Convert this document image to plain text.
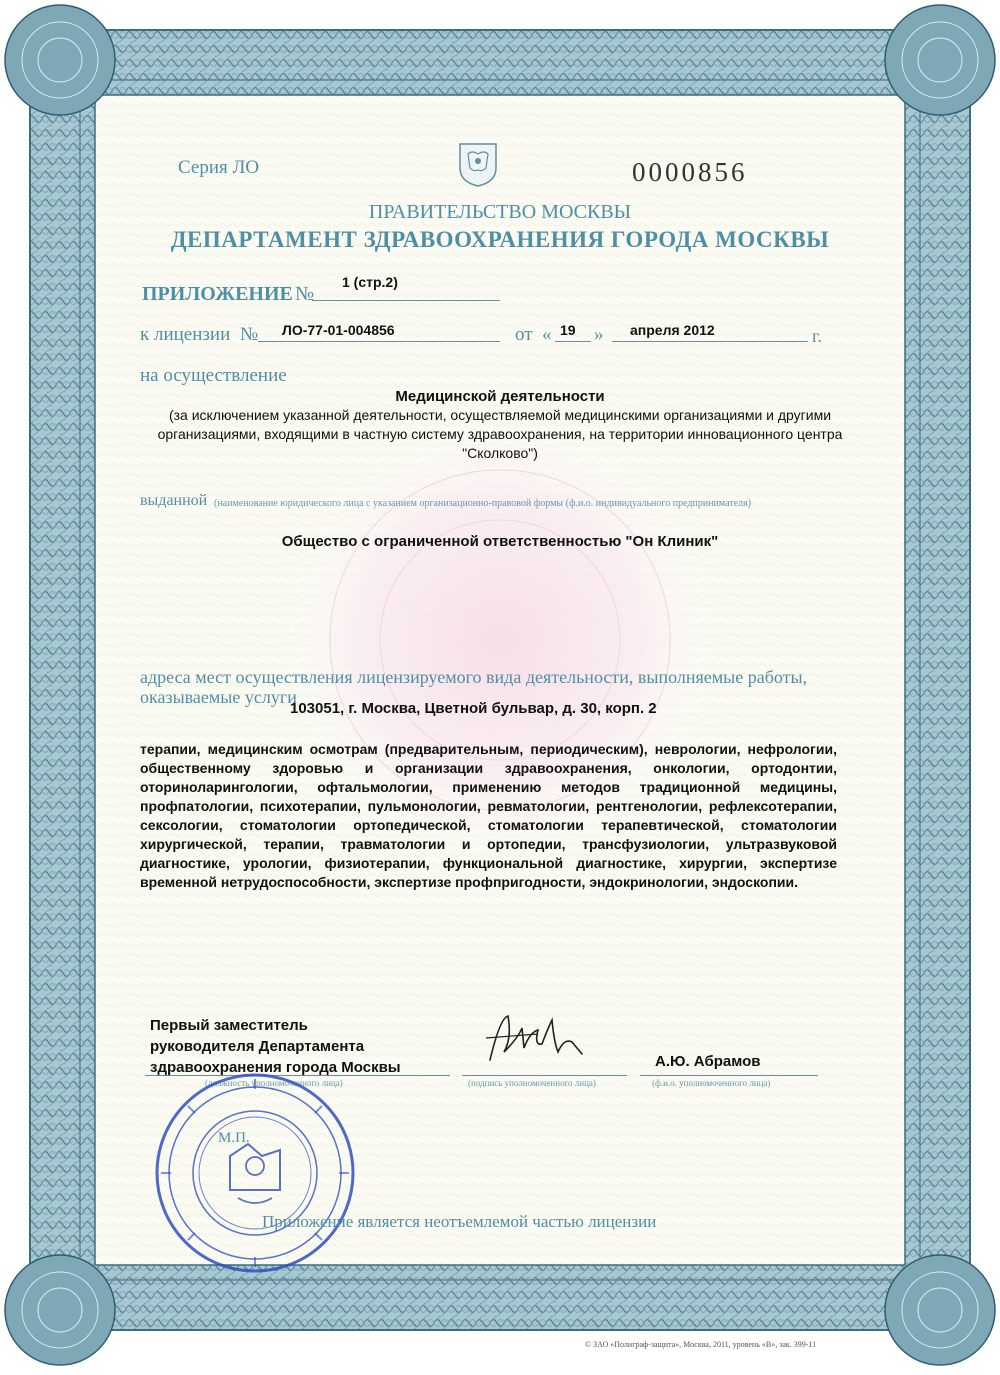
Серия ЛО	0000856
ПРАВИТЕЛЬСТВО МОСКВЫ
ДЕПАРТАМЕНТ ЗДРАВООХРАНЕНИЯ ГОРОДА МОСКВЫ
ПРИЛОЖЕНИЕ №
1 (стр.2)
к лицензии № ЛО-77-01-004856	от « 19 » апреля 2012	г.
на осуществление
Медицинской деятельности
(за исключением указанной деятельности, осуществляемой медицинскими организациями и другими организациями, входящими в частную систему здравоохранения, на территории инновационного центра "Сколково")
выданной (наименование юридического лица с указанием организационно-правовой формы (ф.и.о. индивидуального предпринимателя)
Общество с ограниченной ответственностью "Он Клиник"
адреса мест осуществления лицензируемого вида деятельности, выполняемые работы, оказываемые услуги
103051, г. Москва, Цветной бульвар, д. 30, корп. 2
терапии, медицинским осмотрам (предварительным, периодическим), неврологии, нефрологии, общественному здоровью и организации здравоохранения, онкологии, ортодонтии, оториноларингологии, офтальмологии, применению методов традиционной медицины, профпатологии, психотерапии, пульмонологии, ревматологии, рентгенологии, рефлексотерапии, сексологии, стоматологии ортопедической, стоматологии терапевтической, стоматологии хирургической, терапии, травматологии и ортопедии, трансфузиологии, ультразвуковой диагностике, урологии, физиотерапии, функциональной диагностике, хирургии, экспертизе временной нетрудоспособности, экспертизе профпригодности, эндокринологии, эндоскопии.
Первый заместитель
руководителя Департамента
здравоохранения города Москвы
(должность уполномоченного лица)	(подпись уполномоченного лица)
А.Ю. Абрамов
(ф.и.о. уполномоченного лица)
М.П.
Приложение является неотъемлемой частью лицензии
© ЗАО «Полиграф-защита», Москва, 2011, уровень «В», зак. 399-11
